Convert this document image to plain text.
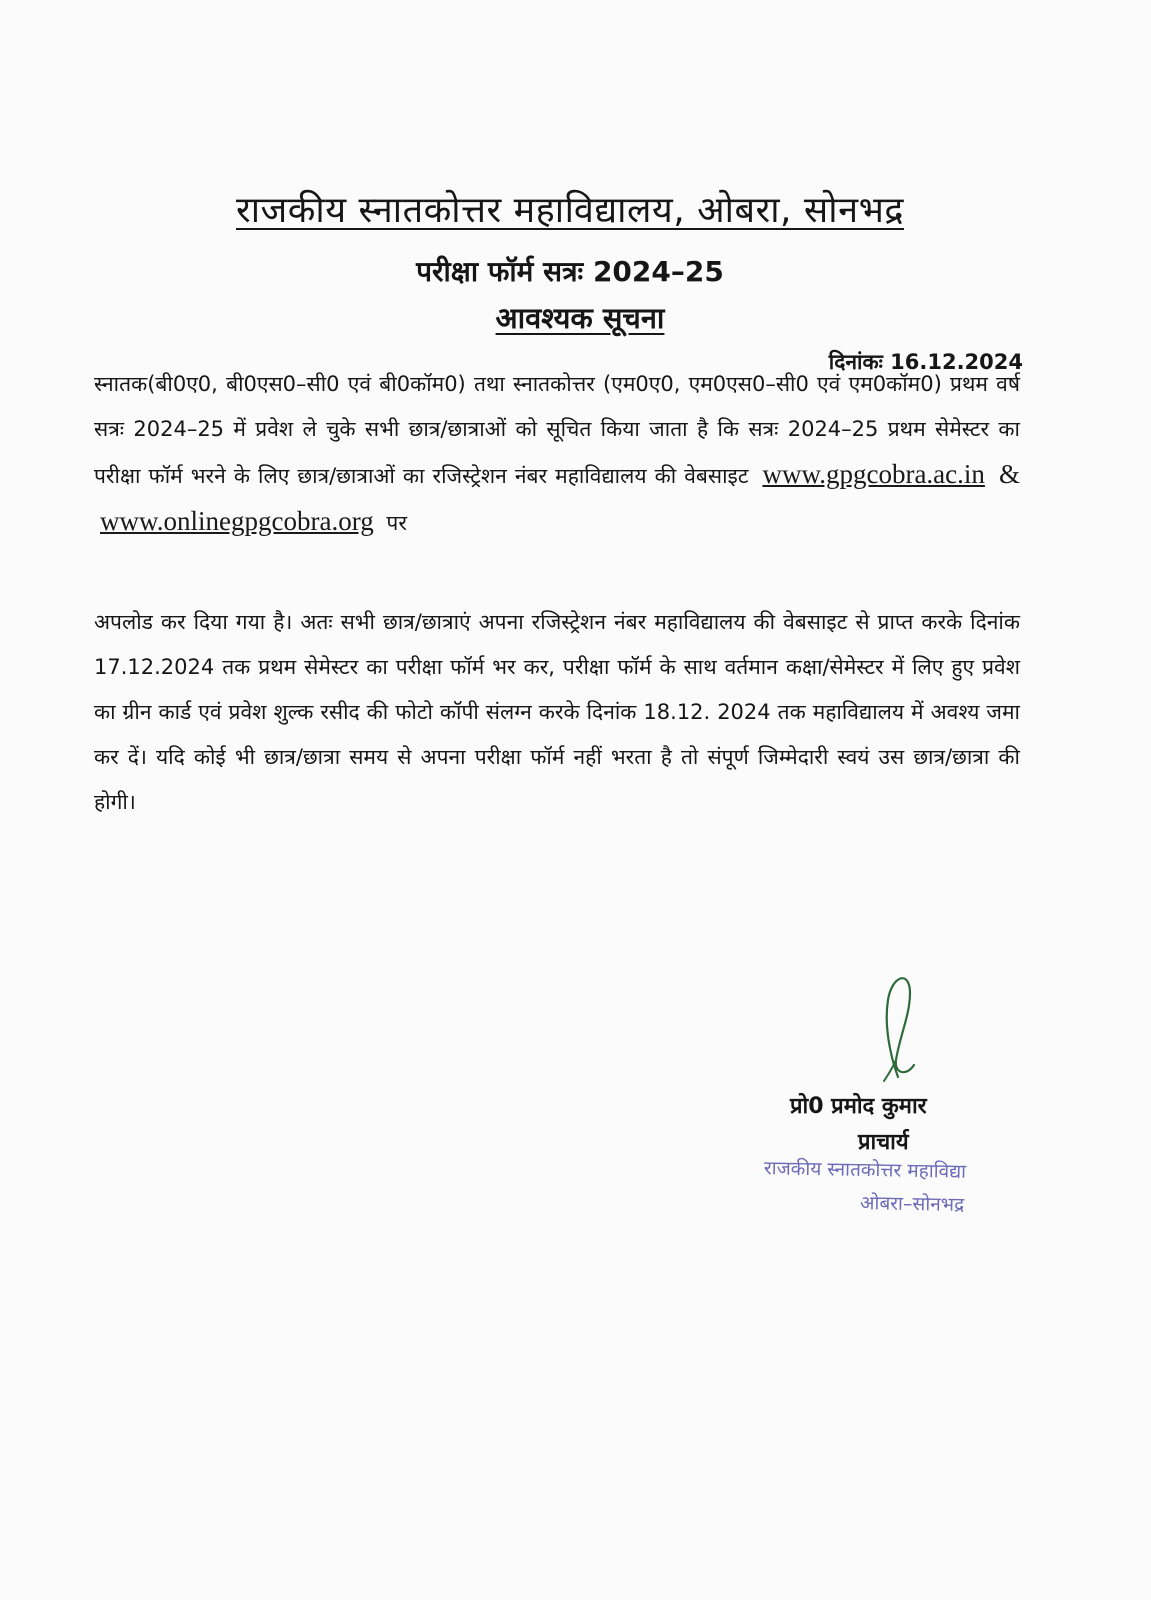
राजकीय स्नातकोत्तर महाविद्यालय, ओबरा, सोनभद्र
परीक्षा फॉर्म सत्रः 2024–25
आवश्यक सूचना
दिनांकः 16.12.2024
स्नातक(बी0ए0, बी0एस0–सी0 एवं बी0कॉम0) तथा स्नातकोत्तर (एम0ए0, एम0एस0–सी0 एवं एम0कॉम0) प्रथम वर्ष सत्रः 2024–25 में प्रवेश ले चुके सभी छात्र/छात्राओं को सूचित किया जाता है कि सत्रः 2024–25 प्रथम सेमेस्टर का परीक्षा फॉर्म भरने के लिए छात्र/छात्राओं का रजिस्ट्रेशन नंबर महाविद्यालय की वेबसाइट www.gpgcobra.ac.in & www.onlinegpgcobra.org पर
अपलोड कर दिया गया है। अतः सभी छात्र/छात्राएं अपना रजिस्ट्रेशन नंबर महाविद्यालय की वेबसाइट से प्राप्त करके दिनांक 17.12.2024 तक प्रथम सेमेस्टर का परीक्षा फॉर्म भर कर, परीक्षा फॉर्म के साथ वर्तमान कक्षा/सेमेस्टर में लिए हुए प्रवेश का ग्रीन कार्ड एवं प्रवेश शुल्क रसीद की फोटो कॉपी संलग्न करके दिनांक 18.12. 2024 तक महाविद्यालय में अवश्य जमा कर दें। यदि कोई भी छात्र/छात्रा समय से अपना परीक्षा फॉर्म नहीं भरता है तो संपूर्ण जिम्मेदारी स्वयं उस छात्र/छात्रा की होगी।
प्रो0 प्रमोद कुमार
राजकीय स्नातकोत्तर महाविद्या
ओबरा–सोनभद्र
प्राचार्य
